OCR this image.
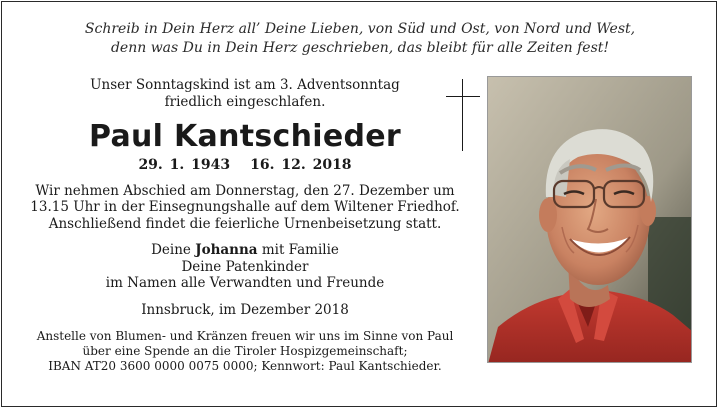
Schreib in Dein Herz all’ Deine Lieben, von Süd und Ost, von Nord und West,
denn was Du in Dein Herz geschrieben, das bleibt für alle Zeiten fest!
Unser Sonntagskind ist am 3. Adventsonntag
friedlich eingeschlafen.
Paul Kantschieder
29. 1. 1943 16. 12. 2018
Wir nehmen Abschied am Donnerstag, den 27. Dezember um
13.15 Uhr in der Einsegnungshalle auf dem Wiltener Friedhof.
Anschließend findet die feierliche Urnenbeisetzung statt.
Deine Johanna mit Familie
Deine Patenkinder
im Namen alle Verwandten und Freunde
Innsbruck, im Dezember 2018
Anstelle von Blumen- und Kränzen freuen wir uns im Sinne von Paul
über eine Spende an die Tiroler Hospizgemeinschaft;
IBAN AT20 3600 0000 0075 0000; Kennwort: Paul Kantschieder.
